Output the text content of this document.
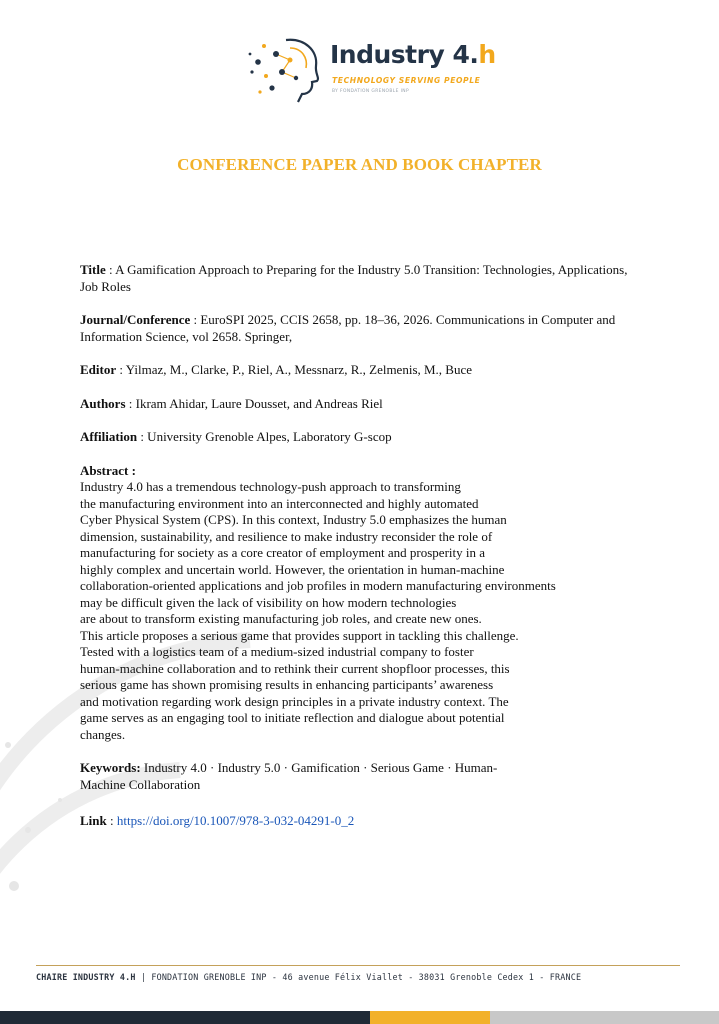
Industry 4.h
TECHNOLOGY SERVING PEOPLE
BY FONDATION GRENOBLE INP
CONFERENCE PAPER AND BOOK CHAPTER

Title : A Gamification Approach to Preparing for the Industry 5.0 Transition: Technologies, Applications, Job Roles

Journal/Conference : EuroSPI 2025, CCIS 2658, pp. 18–36, 2026. Communications in Computer and Information Science, vol 2658. Springer,

Editor : Yilmaz, M., Clarke, P., Riel, A., Messnarz, R., Zelmenis, M., Buce

Authors : Ikram Ahidar, Laure Dousset, and Andreas Riel

Affiliation : University Grenoble Alpes, Laboratory G-scop

Abstract :
Industry 4.0 has a tremendous technology-push approach to transforming
the manufacturing environment into an interconnected and highly automated
Cyber Physical System (CPS). In this context, Industry 5.0 emphasizes the human
dimension, sustainability, and resilience to make industry reconsider the role of
manufacturing for society as a core creator of employment and prosperity in a
highly complex and uncertain world. However, the orientation in human-machine
collaboration-oriented applications and job profiles in modern manufacturing environments
may be difficult given the lack of visibility on how modern technologies
are about to transform existing manufacturing job roles, and create new ones.
This article proposes a serious game that provides support in tackling this challenge.
Tested with a logistics team of a medium-sized industrial company to foster
human-machine collaboration and to rethink their current shopfloor processes, this
serious game has shown promising results in enhancing participants’ awareness
and motivation regarding work design principles in a private industry context. The
game serves as an engaging tool to initiate reflection and dialogue about potential
changes.

Keywords: Industry 4.0 · Industry 5.0 · Gamification · Serious Game · Human-
Machine Collaboration

Link : https://doi.org/10.1007/978-3-032-04291-0_2

CHAIRE INDUSTRY 4.H | FONDATION GRENOBLE INP - 46 avenue Félix Viallet - 38031 Grenoble Cedex 1 - FRANCE
